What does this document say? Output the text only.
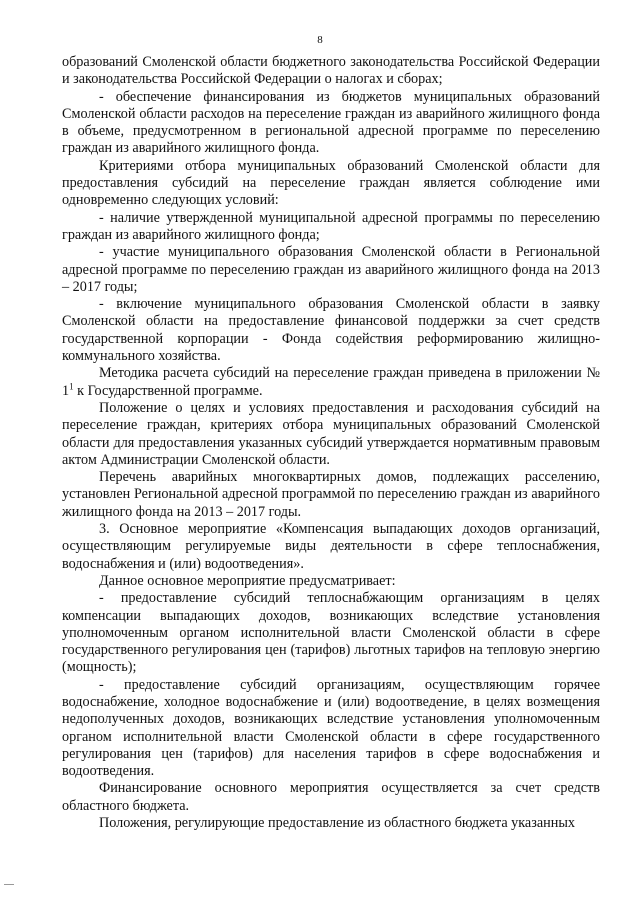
8

образований Смоленской области бюджетного законодательства Российской Федерации и законодательства Российской Федерации о налогах и сборах;

- обеспечение финансирования из бюджетов муниципальных образований Смоленской области расходов на переселение граждан из аварийного жилищного фонда в объеме, предусмотренном в региональной адресной программе по переселению граждан из аварийного жилищного фонда.

Критериями отбора муниципальных образований Смоленской области для предоставления субсидий на переселение граждан является соблюдение ими одновременно следующих условий:

- наличие утвержденной муниципальной адресной программы по переселению граждан из аварийного жилищного фонда;

- участие муниципального образования Смоленской области в Региональной адресной программе по переселению граждан из аварийного жилищного фонда на 2013 – 2017 годы;

- включение муниципального образования Смоленской области в заявку Смоленской области на предоставление финансовой поддержки за счет средств государственной корпорации - Фонда содействия реформированию жилищно-коммунального хозяйства.

Методика расчета субсидий на переселение граждан приведена в приложении № $1^1$ к Государственной программе.

Положение о целях и условиях предоставления и расходования субсидий на переселение граждан, критериях отбора муниципальных образований Смоленской области для предоставления указанных субсидий утверждается нормативным правовым актом Администрации Смоленской области.

Перечень аварийных многоквартирных домов, подлежащих расселению, установлен Региональной адресной программой по переселению граждан из аварийного жилищного фонда на 2013 – 2017 годы.

3. Основное мероприятие «Компенсация выпадающих доходов организаций, осуществляющим регулируемые виды деятельности в сфере теплоснабжения, водоснабжения и (или) водоотведения».

Данное основное мероприятие предусматривает:

- предоставление субсидий теплоснабжающим организациям в целях компенсации выпадающих доходов, возникающих вследствие установления уполномоченным органом исполнительной власти Смоленской области в сфере государственного регулирования цен (тарифов) льготных тарифов на тепловую энергию (мощность);

- предоставление субсидий организациям, осуществляющим горячее водоснабжение, холодное водоснабжение и (или) водоотведение, в целях возмещения недополученных доходов, возникающих вследствие установления уполномоченным органом исполнительной власти Смоленской области в сфере государственного регулирования цен (тарифов) для населения тарифов в сфере водоснабжения и водоотведения.

Финансирование основного мероприятия осуществляется за счет средств областного бюджета.

Положения, регулирующие предоставление из областного бюджета указанных
